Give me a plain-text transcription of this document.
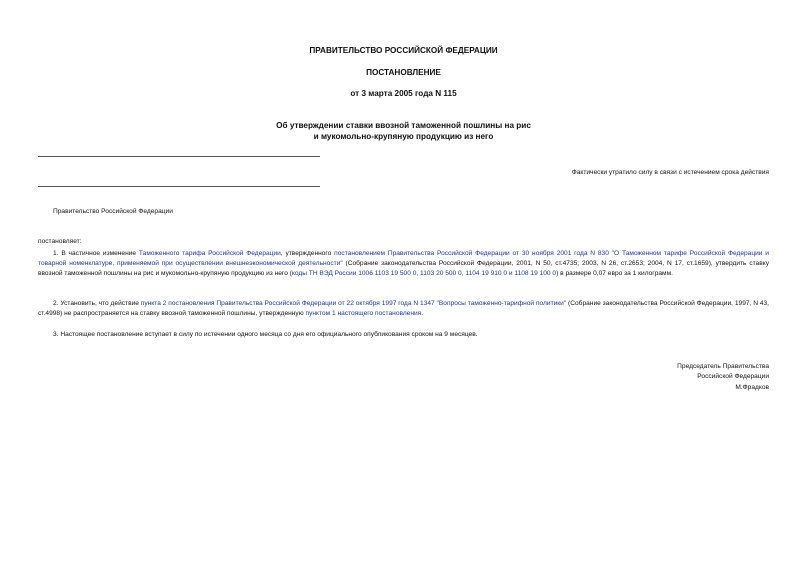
ПРАВИТЕЛЬСТВО РОССИЙСКОЙ ФЕДЕРАЦИИ
ПОСТАНОВЛЕНИЕ
от 3 марта 2005 года N 115
Об утверждении ставки ввозной таможенной пошлины на рис
и мукомольно-крупяную продукцию из него
Фактически утратило силу в связи с истечением срока действия
Правительство Российской Федерации
постановляет:
1. В частичное изменение Таможенного тарифа Российской Федерации, утвержденного постановлением Правительства Российской Федерации от 30 ноября 2001 года N 830 "О Таможенном тарифе Российской Федерации и товарной номенклатуре, применяемой при осуществлении внешнеэкономической деятельности" (Собрание законодательства Российской Федерации, 2001, N 50, ст.4735; 2003, N 26, ст.2653; 2004, N 17, ст.1659), утвердить ставку ввозной таможенной пошлины на рис и мукомольно-крупяную продукцию из него (коды ТН ВЭД России 1006 1103 19 500 0, 1103 20 500 0, 1104 19 910 0 и 1108 19 100 0) в размере 0,07 евро за 1 килограмм.
2. Установить, что действие пункта 2 постановления Правительства Российской Федерации от 22 октября 1997 года N 1347 "Вопросы таможенно-тарифной политики" (Собрание законодательства Российской Федерации, 1997, N 43, ст.4998) не распространяется на ставку ввозной таможенной пошлины, утвержденную пунктом 1 настоящего постановления.
3. Настоящее постановление вступает в силу по истечении одного месяца со дня его официального опубликования сроком на 9 месяцев.
Председатель Правительства
Российской Федерации
М.Фрадков
